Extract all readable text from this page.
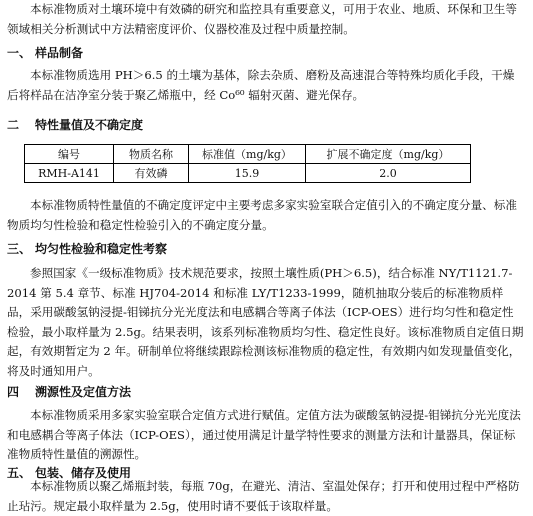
本标准物质对土壤环境中有效磷的研究和监控具有重要意义，可用于农业、地质、环保和卫生等领域相关分析测试中方法精密度评价、仪器校准及过程中质量控制。

一、 样品制备

本标准物质选用 PH＞6.5 的土壤为基体，除去杂质、磨粉及高速混合等特殊均质化手段，干燥后将样品在洁净室分装于聚乙烯瓶中，经 Co⁶⁰ 辐射灭菌、避光保存。

二 特性量值及不确定度

编号	物质名称	标准值（mg/kg）	扩展不确定度（mg/kg）
RMH-A141	有效磷	15.9	2.0

本标准物质特性量值的不确定度评定中主要考虑多家实验室联合定值引入的不确定度分量、标准物质均匀性检验和稳定性检验引入的不确定度分量。

三、 均匀性检验和稳定性考察

参照国家《一级标准物质》技术规范要求，按照土壤性质(PH＞6.5)，结合标准 NY/T1121.7-2014 第 5.4 章节、标准 HJ704-2014 和标准 LY/T1233-1999，随机抽取分装后的标准物质样品，采用碳酸氢钠浸提-钼锑抗分光光度法和电感耦合等离子体法（ICP-OES）进行均匀性和稳定性检验，最小取样量为 2.5g。结果表明，该系列标准物质均匀性、稳定性良好。该标准物质自定值日期起，有效期暂定为 2 年。研制单位将继续跟踪检测该标准物质的稳定性，有效期内如发现量值变化，将及时通知用户。

四 溯源性及定值方法

本标准物质采用多家实验室联合定值方式进行赋值。定值方法为碳酸氢钠浸提-钼锑抗分光光度法和电感耦合等离子体法（ICP-OES），通过使用满足计量学特性要求的测量方法和计量器具，保证标准物质特性量值的溯源性。

五、 包装、储存及使用

本标准物质以聚乙烯瓶封装，每瓶 70g，在避光、清洁、室温处保存；打开和使用过程中严格防止玷污。规定最小取样量为 2.5g，使用时请不要低于该取样量。
